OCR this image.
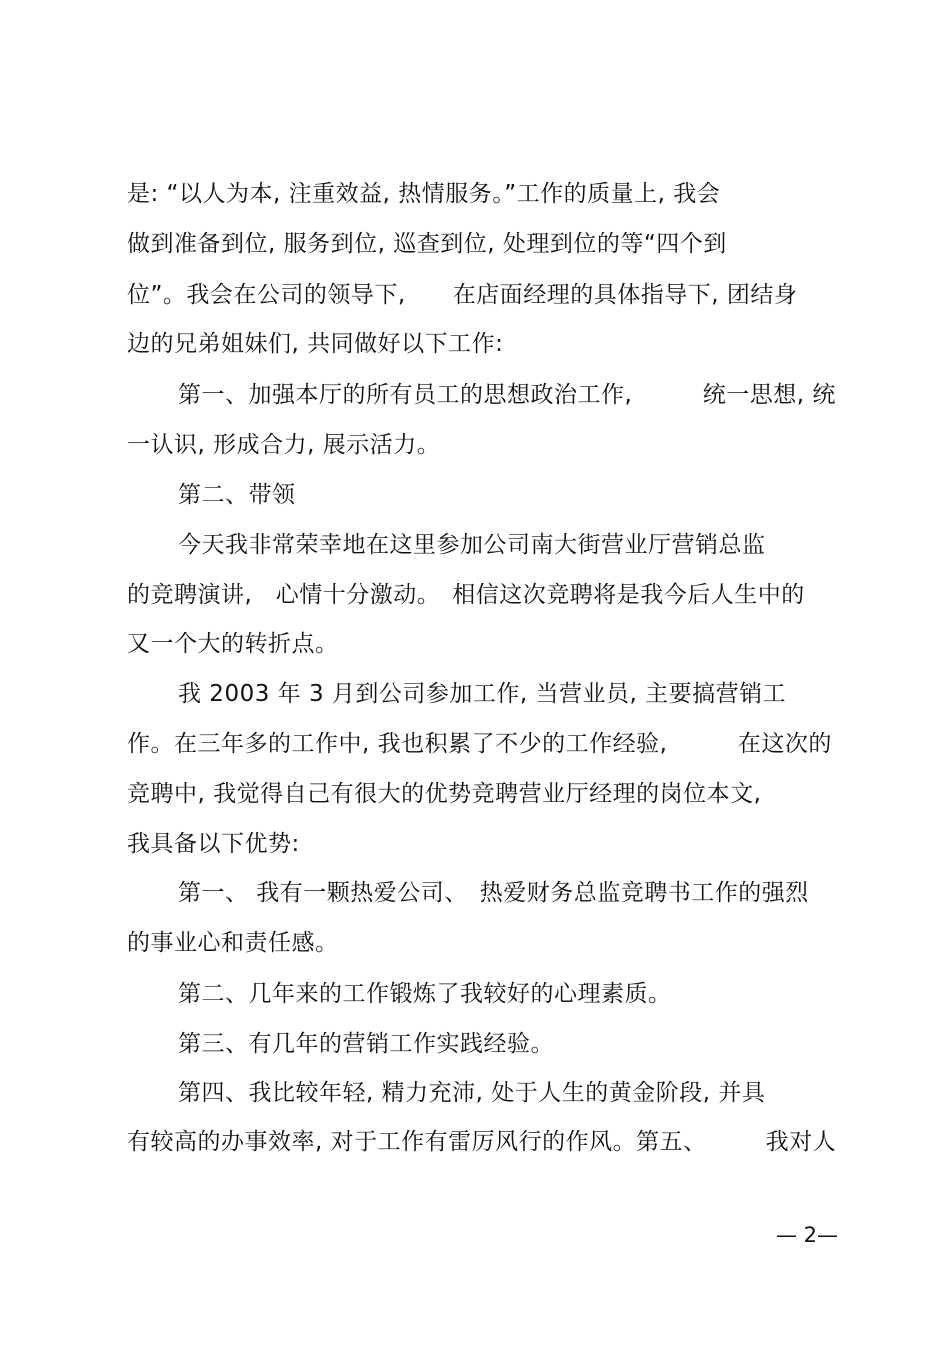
是: “以人为本, 注重效益, 热情服务。”工作的质量上, 我会
做到准备到位, 服务到位, 巡查到位, 处理到位的等“四个到
位”。我会在公司的领导下,　　在店面经理的具体指导下, 团结身
边的兄弟姐妹们, 共同做好以下工作:
第一、加强本厅的所有员工的思想政治工作,　　　统一思想, 统
一认识, 形成合力, 展示活力。
第二、带领
今天我非常荣幸地在这里参加公司南大街营业厅营销总监
的竞聘演讲,　心情十分激动。　相信这次竞聘将是我今后人生中的
又一个大的转折点。
我 2003 年 3 月到公司参加工作, 当营业员, 主要搞营销工
作。在三年多的工作中, 我也积累了不少的工作经验,　　　在这次的
竞聘中, 我觉得自己有很大的优势竞聘营业厅经理的岗位本文,
我具备以下优势:
第一、 我有一颗热爱公司、　热爱财务总监竞聘书工作的强烈
的事业心和责任感。
第二、几年来的工作锻炼了我较好的心理素质。
第三、有几年的营销工作实践经验。
第四、我比较年轻, 精力充沛, 处于人生的黄金阶段, 并具
有较高的办事效率, 对于工作有雷厉风行的作风。第五、　　　我对人
— 2—
